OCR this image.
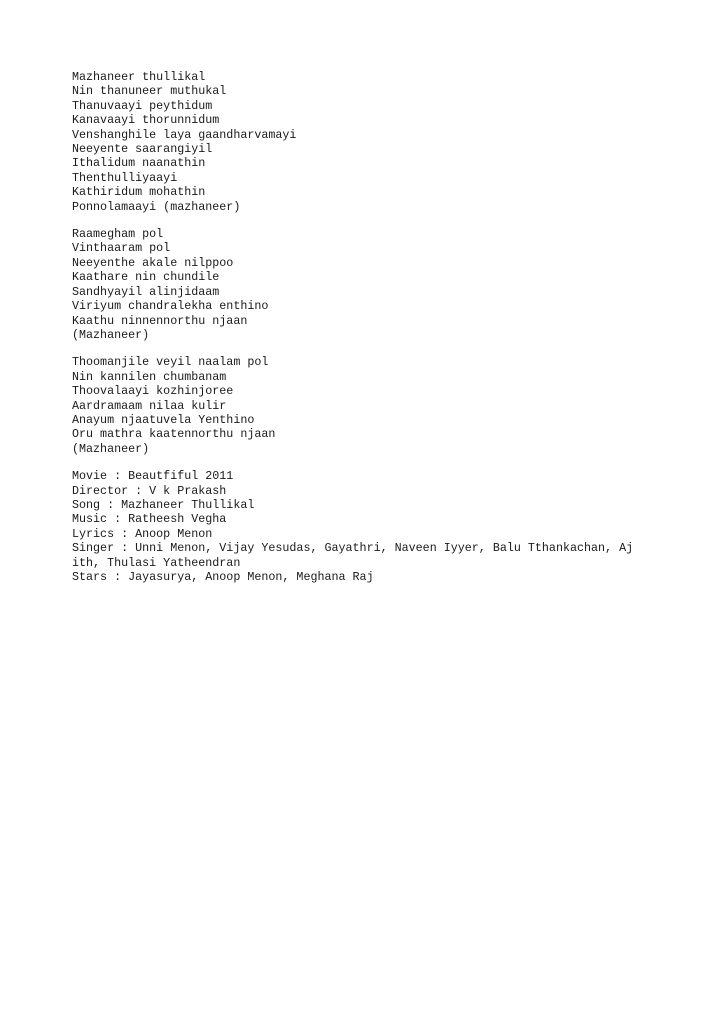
Mazhaneer thullikal
Nin thanuneer muthukal
Thanuvaayi peythidum
Kanavaayi thorunnidum
Venshanghile laya gaandharvamayi
Neeyente saarangiyil
Ithalidum naanathin
Thenthulliyaayi
Kathiridum mohathin
Ponnolamaayi (mazhaneer)
Raamegham pol
Vinthaaram pol
Neeyenthe akale nilppoo
Kaathare nin chundile
Sandhyayil alinjidaam
Viriyum chandralekha enthino
Kaathu ninnennorthu njaan
(Mazhaneer)
Thoomanjile veyil naalam pol
Nin kannilen chumbanam
Thoovalaayi kozhinjoree
Aardramaam nilaa kulir
Anayum njaatuvela Yenthino
Oru mathra kaatennorthu njaan
(Mazhaneer)
Movie : Beautfiful 2011
Director : V k Prakash
Song : Mazhaneer Thullikal
Music : Ratheesh Vegha
Lyrics : Anoop Menon
Singer : Unni Menon, Vijay Yesudas, Gayathri, Naveen Iyyer, Balu Tthankachan, Aj
ith, Thulasi Yatheendran
Stars : Jayasurya, Anoop Menon, Meghana Raj
